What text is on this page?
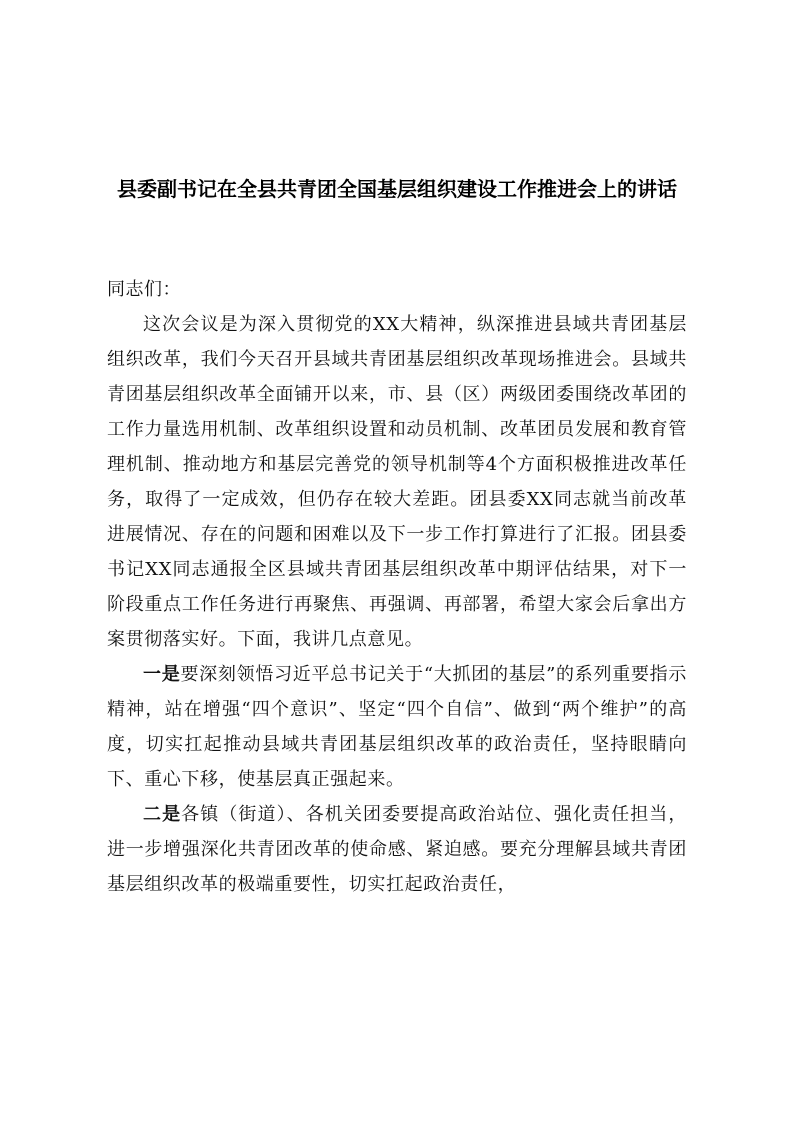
县委副书记在全县共青团全国基层组织建设工作推进会上的讲话

同志们：

这次会议是为深入贯彻党的XX大精神，纵深推进县域共青团基层组织改革，我们今天召开县域共青团基层组织改革现场推进会。县域共青团基层组织改革全面铺开以来，市、县（区）两级团委围绕改革团的工作力量选用机制、改革组织设置和动员机制、改革团员发展和教育管理机制、推动地方和基层完善党的领导机制等4个方面积极推进改革任务，取得了一定成效，但仍存在较大差距。团县委XX同志就当前改革进展情况、存在的问题和困难以及下一步工作打算进行了汇报。团县委书记XX同志通报全区县域共青团基层组织改革中期评估结果，对下一阶段重点工作任务进行再聚焦、再强调、再部署，希望大家会后拿出方案贯彻落实好。下面，我讲几点意见。

一是要深刻领悟习近平总书记关于“大抓团的基层”的系列重要指示精神，站在增强“四个意识”、坚定“四个自信”、做到“两个维护”的高度，切实扛起推动县域共青团基层组织改革的政治责任，坚持眼睛向下、重心下移，使基层真正强起来。

二是各镇（街道）、各机关团委要提高政治站位、强化责任担当，进一步增强深化共青团改革的使命感、紧迫感。要充分理解县域共青团基层组织改革的极端重要性，切实扛起政治责任，
